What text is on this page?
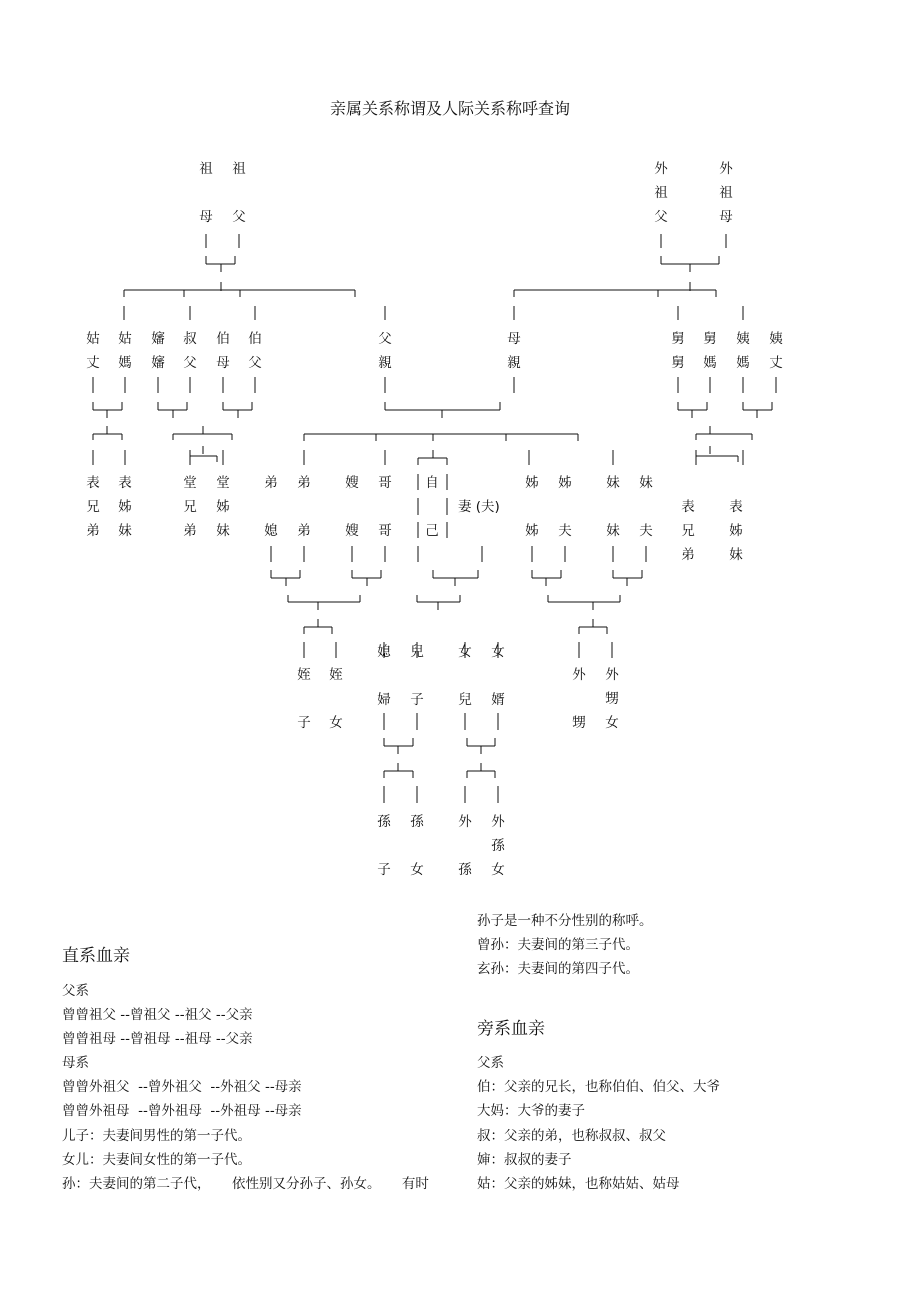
亲属关系称谓及人际关系称呼查询
祖
母
祖
父
外
祖
父
外
祖
母
姑
丈
姑
媽
嬸
嬸
叔
父
伯
母
伯
父
父
親
母
親
舅
舅
舅
媽
姨
媽
姨
丈
表
兄
弟
表
姊
妹
堂
兄
弟
堂
姊
妹
弟
媳
弟
弟
嫂
嫂
哥
哥
自
己
姊
姊
姊
夫
妹
妹
妹
夫
表
兄
弟
表
姊
妹
姪
子
姪
女
媳
婦
兒
子
女
兒
女
婿
外
甥
外
甥
女
孫
子
孫
女
外
孫
外
孫
女
妻 (夫)
直系血亲
父系
曾曾祖父 --曾祖父 --祖父 --父亲
曾曾祖母 --曾祖母 --祖母 --父亲
母系
曾曾外祖父  --曾外祖父  --外祖父 --母亲
曾曾外祖母  --曾外祖母  --外祖母 --母亲
儿子：夫妻间男性的第一子代。
女儿：夫妻间女性的第一子代。
孙：夫妻间的第二子代，     依性别又分孙子、孙女。     有时
孙子是一种不分性别的称呼。
曾孙：夫妻间的第三子代。
玄孙：夫妻间的第四子代。
旁系血亲
父系
伯：父亲的兄长，也称伯伯、伯父、大爷
大妈：大爷的妻子
叔：父亲的弟，也称叔叔、叔父
婶：叔叔的妻子
姑：父亲的姊妹，也称姑姑、姑母
